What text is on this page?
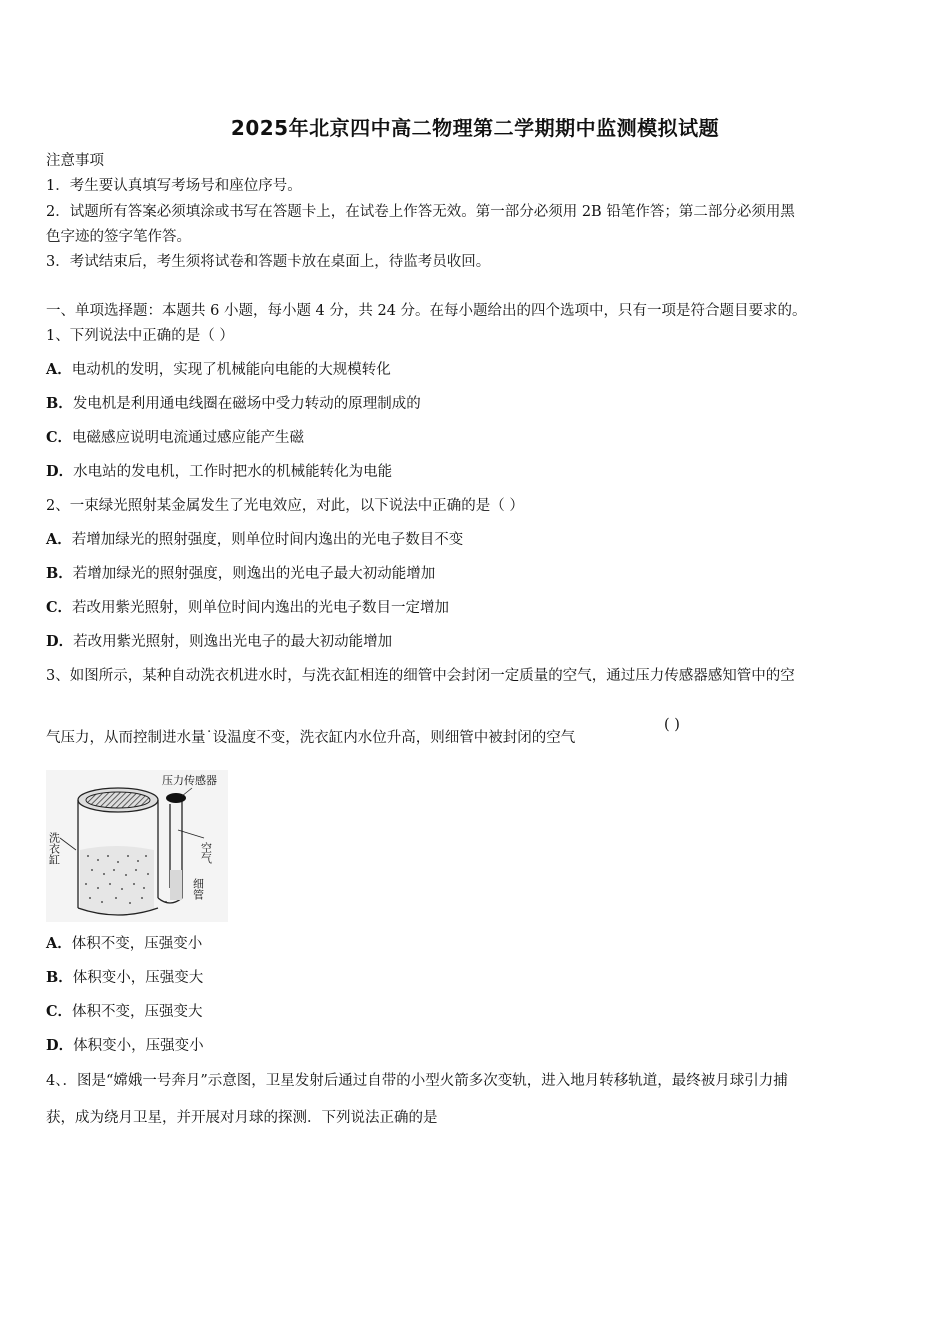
2025年北京四中高二物理第二学期期中监测模拟试题
注意事项
1．考生要认真填写考场号和座位序号。
2．试题所有答案必须填涂或书写在答题卡上，在试卷上作答无效。第一部分必须用 2B 铅笔作答；第二部分必须用黑
色字迹的签字笔作答。
3．考试结束后，考生须将试卷和答题卡放在桌面上，待监考员收回。
一、单项选择题：本题共 6 小题，每小题 4 分，共 24 分。在每小题给出的四个选项中，只有一项是符合题目要求的。
1、下列说法中正确的是（ ）
A．电动机的发明，实现了机械能向电能的大规模转化
B．发电机是利用通电线圈在磁场中受力转动的原理制成的
C．电磁感应说明电流通过感应能产生磁
D．水电站的发电机，工作时把水的机械能转化为电能
2、一束绿光照射某金属发生了光电效应，对此，以下说法中正确的是（ ）
A．若增加绿光的照射强度，则单位时间内逸出的光电子数目不变
B．若增加绿光的照射强度，则逸出的光电子最大初动能增加
C．若改用紫光照射，则单位时间内逸出的光电子数目一定增加
D．若改用紫光照射，则逸出光电子的最大初动能增加
3、如图所示，某种自动洗衣机进水时，与洗衣缸相连的细管中会封闭一定质量的空气，通过压力传感器感知管中的空
气压力，从而控制进水量˙设温度不变，洗衣缸内水位升高，则细管中被封闭的空气
( )
压力传感器
空气
细管
洗衣缸
A．体积不变，压强变小
B．体积变小，压强变大
C．体积不变，压强变大
D．体积变小，压强变小
4、．图是“嫦娥一号奔月”示意图，卫星发射后通过自带的小型火箭多次变轨，进入地月转移轨道，最终被月球引力捕
获，成为绕月卫星，并开展对月球的探测．下列说法正确的是
